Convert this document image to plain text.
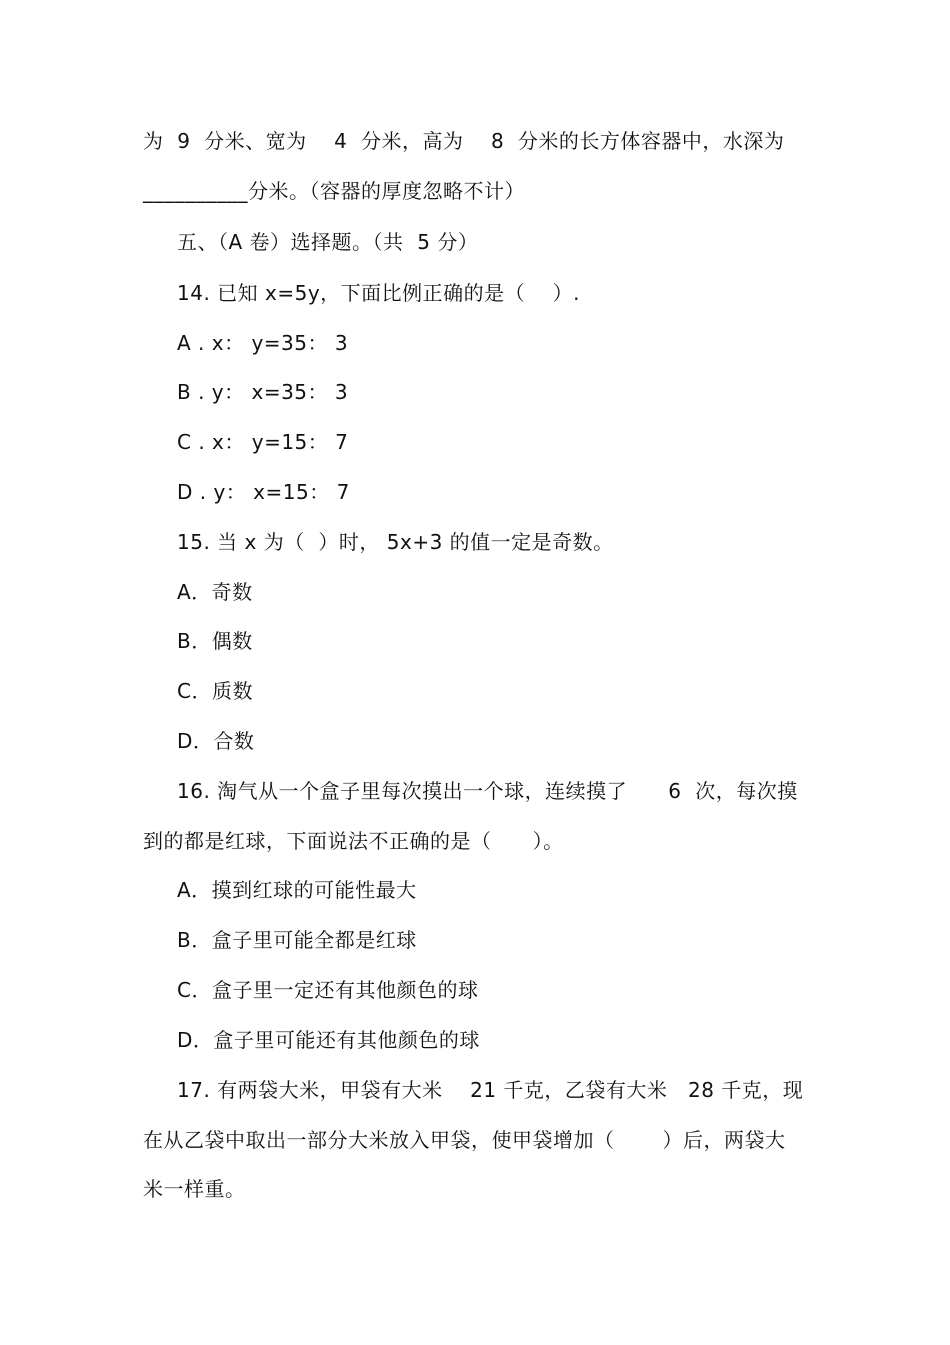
为  9  分米、宽为    4  分米，高为    8  分米的长方体容器中，水深为
__________分米。（容器的厚度忽略不计）
五、（A 卷）选择题。（共  5 分）
14. 已知 x=5y，下面比例正确的是（    ）.
A . x： y=35： 3
B . y： x=35： 3
C . x： y=15： 7
D . y： x=15： 7
15. 当 x 为（  ）时， 5x+3 的值一定是奇数。
A．奇数
B．偶数
C．质数
D．合数
16. 淘气从一个盒子里每次摸出一个球，连续摸了      6  次，每次摸
到的都是红球，下面说法不正确的是（      ）。
A．摸到红球的可能性最大
B．盒子里可能全都是红球
C．盒子里一定还有其他颜色的球
D．盒子里可能还有其他颜色的球
17. 有两袋大米，甲袋有大米    21 千克，乙袋有大米   28 千克，现
在从乙袋中取出一部分大米放入甲袋，使甲袋增加（       ）后，两袋大
米一样重。
